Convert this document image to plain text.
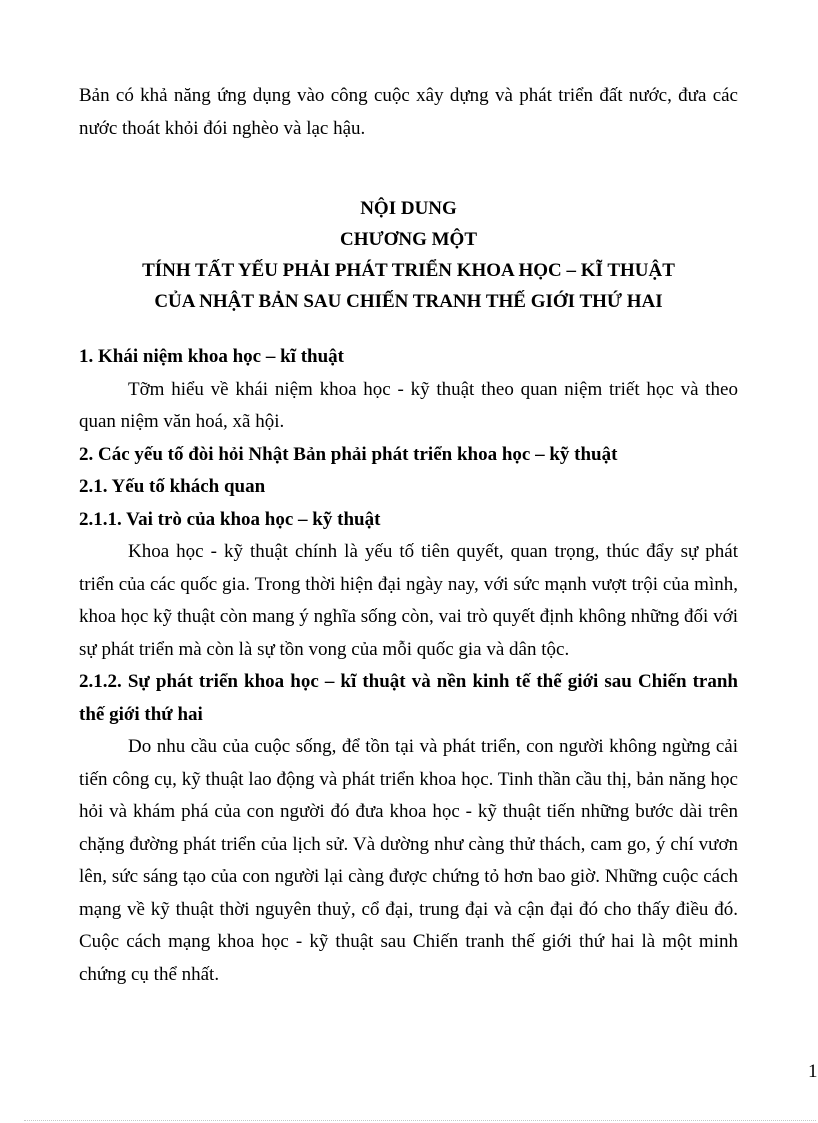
Bản có khả năng ứng dụng vào công cuộc xây dựng và phát triển đất nước, đưa các nước thoát khỏi đói nghèo và lạc hậu.

NỘI DUNG
CHƯƠNG MỘT
TÍNH TẤT YẾU PHẢI PHÁT TRIỂN KHOA HỌC – KĨ THUẬT
CỦA NHẬT BẢN SAU CHIẾN TRANH THẾ GIỚI THỨ HAI

1. Khái niệm khoa học – kĩ thuật

Tỡm hiểu về khái niệm khoa học - kỹ thuật theo quan niệm triết học và theo quan niệm văn hoá, xã hội.

2. Các yếu tố đòi hỏi Nhật Bản phải phát triển khoa học – kỹ thuật

2.1. Yếu tố khách quan

2.1.1. Vai trò của khoa học – kỹ thuật

Khoa học - kỹ thuật chính là yếu tố tiên quyết, quan trọng, thúc đẩy sự phát triển của các quốc gia. Trong thời hiện đại ngày nay, với sức mạnh vượt trội của mình, khoa học kỹ thuật còn mang ý nghĩa sống còn, vai trò quyết định không những đối với sự phát triển mà còn là sự tồn vong của mỗi quốc gia và dân tộc.

2.1.2. Sự phát triển khoa học – kĩ thuật và nền kinh tế thế giới sau Chiến tranh thế giới thứ hai

Do nhu cầu của cuộc sống, để tồn tại và phát triển, con người không ngừng cải tiến công cụ, kỹ thuật lao động và phát triển khoa học. Tinh thần cầu thị, bản năng học hỏi và khám phá của con người đó đưa khoa học - kỹ thuật tiến những bước dài trên chặng đường phát triển của lịch sử. Và dường như càng thử thách, cam go, ý chí vươn lên, sức sáng tạo của con người lại càng được chứng tỏ hơn bao giờ. Những cuộc cách mạng về kỹ thuật thời nguyên thuỷ, cổ đại, trung đại và cận đại đó cho thấy điều đó. Cuộc cách mạng khoa học - kỹ thuật sau Chiến tranh thế giới thứ hai là một minh chứng cụ thể nhất.

1
